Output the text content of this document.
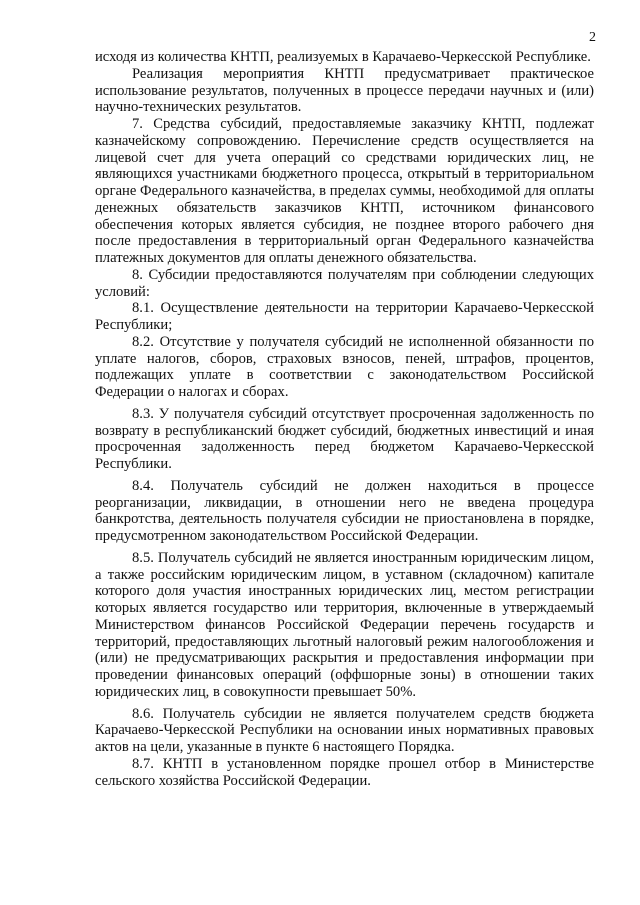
2

исходя из количества КНТП, реализуемых в Карачаево-Черкесской Республике.

Реализация мероприятия КНТП предусматривает практическое использование результатов, полученных в процессе передачи научных и (или) научно-технических результатов.

7. Средства субсидий, предоставляемые заказчику КНТП, подлежат казначейскому сопровождению. Перечисление средств осуществляется на лицевой счет для учета операций со средствами юридических лиц, не являющихся участниками бюджетного процесса, открытый в территориальном органе Федерального казначейства, в пределах суммы, необходимой для оплаты денежных обязательств заказчиков КНТП, источником финансового обеспечения которых является субсидия, не позднее второго рабочего дня после предоставления в территориальный орган Федерального казначейства платежных документов для оплаты денежного обязательства.

8. Субсидии предоставляются получателям при соблюдении следующих условий:

8.1. Осуществление деятельности на территории Карачаево-Черкесской Республики;

8.2. Отсутствие у получателя субсидий не исполненной обязанности по уплате налогов, сборов, страховых взносов, пеней, штрафов, процентов, подлежащих уплате в соответствии с законодательством Российской Федерации о налогах и сборах.

8.3. У получателя субсидий отсутствует просроченная задолженность по возврату в республиканский бюджет субсидий, бюджетных инвестиций и иная просроченная задолженность перед бюджетом Карачаево-Черкесской Республики.

8.4. Получатель субсидий не должен находиться в процессе реорганизации, ликвидации, в отношении него не введена процедура банкротства, деятельность получателя субсидии не приостановлена в порядке, предусмотренном законодательством Российской Федерации.

8.5. Получатель субсидий не является иностранным юридическим лицом, а также российским юридическим лицом, в уставном (складочном) капитале которого доля участия иностранных юридических лиц, местом регистрации которых является государство или территория, включенные в утверждаемый Министерством финансов Российской Федерации перечень государств и территорий, предоставляющих льготный налоговый режим налогообложения и (или) не предусматривающих раскрытия и предоставления информации при проведении финансовых операций (оффшорные зоны) в отношении таких юридических лиц, в совокупности превышает 50%.

8.6. Получатель субсидии не является получателем средств бюджета Карачаево-Черкесской Республики на основании иных нормативных правовых актов на цели, указанные в пункте 6 настоящего Порядка.

8.7. КНТП в установленном порядке прошел отбор в Министерстве сельского хозяйства Российской Федерации.
